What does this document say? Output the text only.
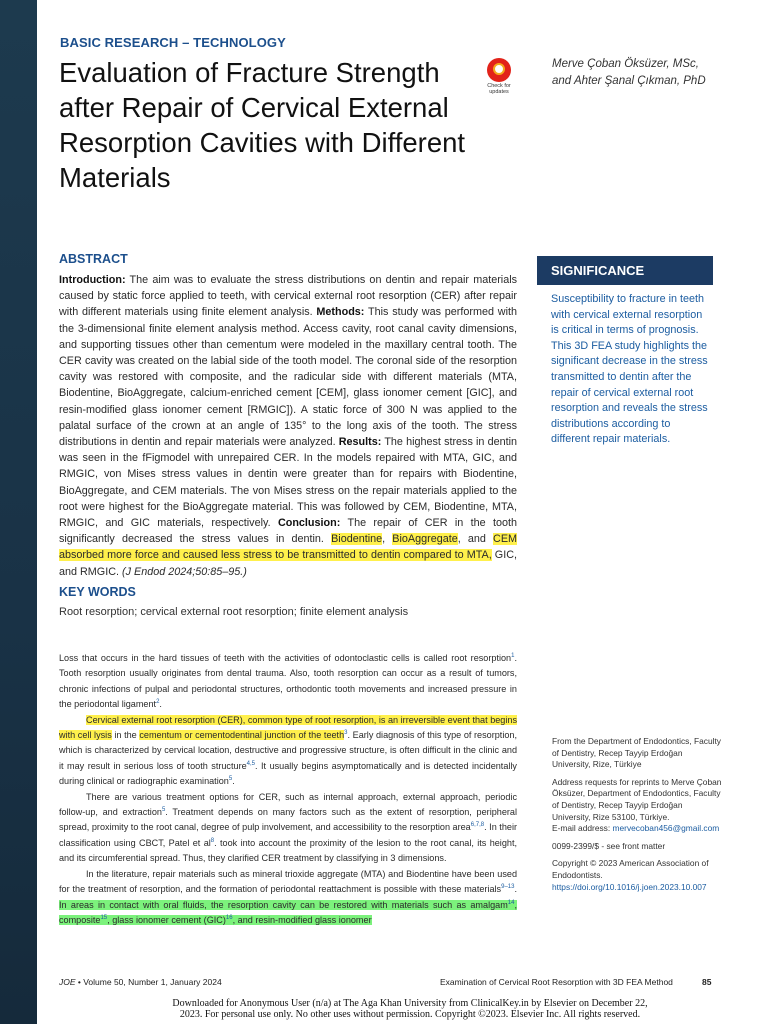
BASIC RESEARCH – TECHNOLOGY
Evaluation of Fracture Strength after Repair of Cervical External Resorption Cavities with Different Materials
Check for
updates
Merve Çoban Öksüzer, MSc,
and Ahter Şanal Çıkman, PhD
ABSTRACT
Introduction: The aim was to evaluate the stress distributions on dentin and repair materials caused by static force applied to teeth, with cervical external root resorption (CER) after repair with different materials using finite element analysis. Methods: This study was performed with the 3-dimensional finite element analysis method. Access cavity, root canal cavity dimensions, and supporting tissues other than cementum were modeled in the maxillary central tooth. The CER cavity was created on the labial side of the tooth model. The coronal side of the resorption cavity was restored with composite, and the radicular side with different materials (MTA, Biodentine, BioAggregate, calcium-enriched cement [CEM], glass ionomer cement [GIC], and resin-modified glass ionomer cement [RMGIC]). A static force of 300 N was applied to the palatal surface of the crown at an angle of 135° to the long axis of the tooth. The stress distributions in dentin and repair materials were analyzed. Results: The highest stress in dentin was seen in the fFigmodel with unrepaired CER. In the models repaired with MTA, GIC, and RMGIC, von Mises stress values in dentin were greater than for repairs with Biodentine, BioAggregate, and CEM materials. The von Mises stress on the repair materials applied to the root were highest for the BioAggregate material. This was followed by CEM, Biodentine, MTA, RMGIC, and GIC materials, respectively. Conclusion: The repair of CER in the tooth significantly decreased the stress values in dentin. Biodentine, BioAggregate, and CEM absorbed more force and caused less stress to be transmitted to dentin compared to MTA, GIC, and RMGIC. (J Endod 2024;50:85–95.)
SIGNIFICANCE
Susceptibility to fracture in teeth with cervical external resorption is critical in terms of prognosis. This 3D FEA study highlights the significant decrease in the stress transmitted to dentin after the repair of cervical external root resorption and reveals the stress distributions according to different repair materials.
KEY WORDS
Root resorption; cervical external root resorption; finite element analysis

Loss that occurs in the hard tissues of teeth with the activities of odontoclastic cells is called root resorption$^1$. Tooth resorption usually originates from dental trauma. Also, tooth resorption can occur as a result of tumors, chronic infections of pulpal and periodontal structures, orthodontic tooth movements and increased pressure in the periodontal ligament$^2$.

Cervical external root resorption (CER), common type of root resorption, is an irreversible event that begins with cell lysis in the cementum or cementodentinal junction of the teeth$^3$. Early diagnosis of this type of resorption, which is characterized by cervical location, destructive and progressive structure, is often difficult in the clinic and it may result in serious loss of tooth structure$^{4,5}$. It usually begins asymptomatically and is detected incidentally during clinical or radiographic examination$^5$.

There are various treatment options for CER, such as internal approach, external approach, periodic follow-up, and extraction$^5$. Treatment depends on many factors such as the extent of resorption, peripheral spread, proximity to the root canal, degree of pulp involvement, and accessibility to the resorption area$^{6,7,8}$. In their classification using CBCT, Patel et $al^8$. took into account the proximity of the lesion to the root canal, its height, and its circumferential spread. Thus, they clarified CER treatment by classifying in 3 dimensions.

In the literature, repair materials such as mineral trioxide aggregate (MTA) and Biodentine have been used for the treatment of resorption, and the formation of periodontal reattachment is possible with these materials$^{9-13}$. In areas in contact with oral fluids, the resorption cavity can be restored with materials such as amalgam$^{14}$, composite$^{15}$, glass ionomer cement (GIC)$^{16}$, and resin-modified glass ionomer

From the Department of Endodontics, Faculty of Dentistry, Recep Tayyip Erdoğan University, Rize, Türkiye

Address requests for reprints to Merve Çoban Öksüzer, Department of Endodontics, Faculty of Dentistry, Recep Tayyip Erdoğan University, Rize 53100, Türkiye.
E-mail address: mervecoban456@gmail.com

0099-2399/$ - see front matter

Copyright © 2023 American Association of Endodontists.
https://doi.org/10.1016/j.joen.2023.10.007

JOE • Volume 50, Number 1, January 2024	Examination of Cervical Root Resorption with 3D FEA Method	85
Downloaded for Anonymous User (n/a) at The Aga Khan University from ClinicalKey.in by Elsevier on December 22,
2023. For personal use only. No other uses without permission. Copyright ©2023. Elsevier Inc. All rights reserved.
